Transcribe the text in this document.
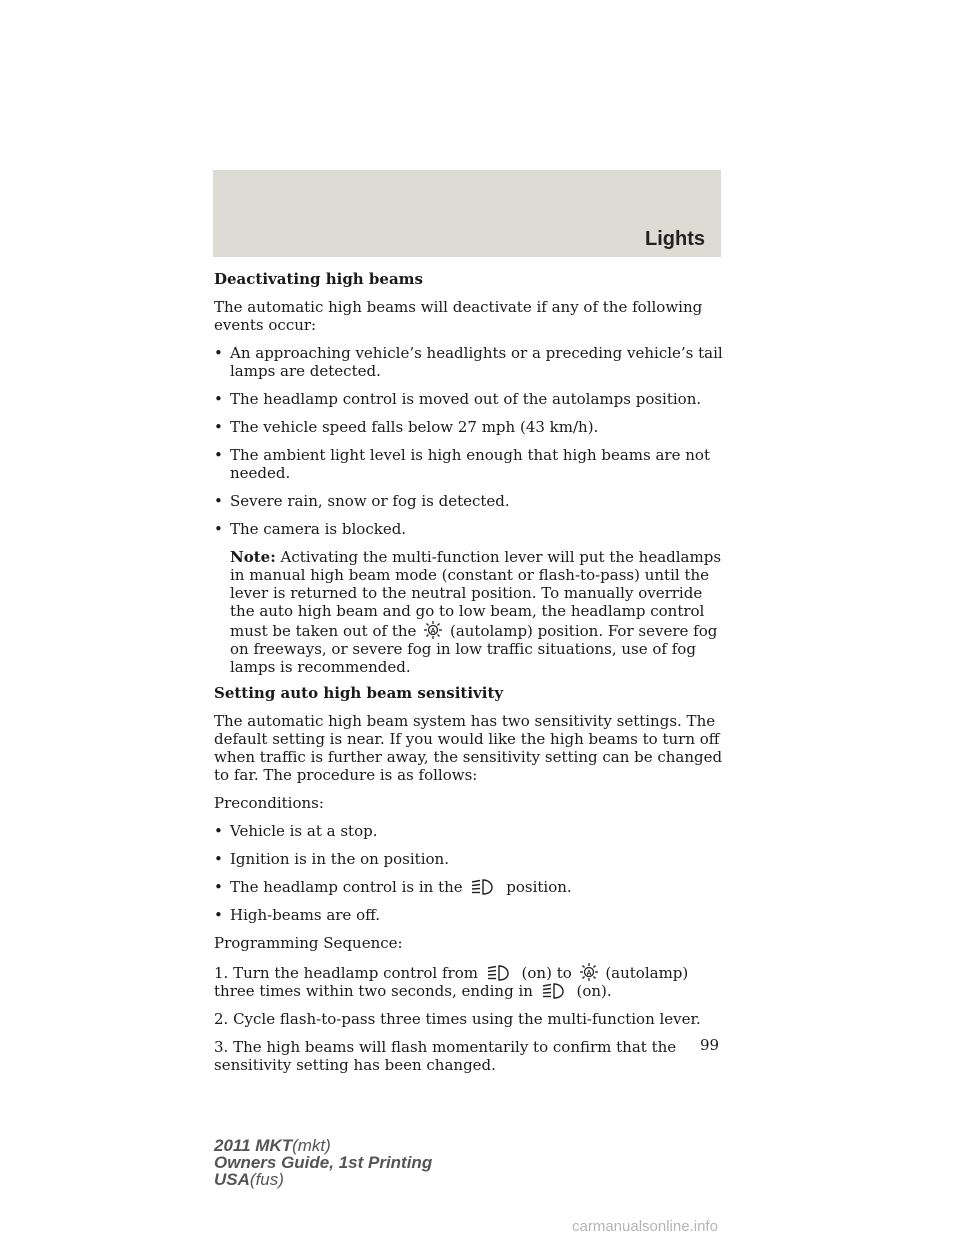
Lights
Deactivating high beams

The automatic high beams will deactivate if any of the following events occur:

• An approaching vehicle’s headlights or a preceding vehicle’s tail lamps are detected.
• The headlamp control is moved out of the autolamps position.
• The vehicle speed falls below 27 mph (43 km/h).
• The ambient light level is high enough that high beams are not needed.
• Severe rain, snow or fog is detected.
• The camera is blocked.
Note: Activating the multi-function lever will put the headlamps in manual high beam mode (constant or flash-to-pass) until the lever is returned to the neutral position. To manually override the auto high beam and go to low beam, the headlamp control must be taken out of the A (autolamp) position. For severe fog on freeways, or severe fog in low traffic situations, use of fog lamps is recommended.
Setting auto high beam sensitivity

The automatic high beam system has two sensitivity settings. The default setting is near. If you would like the high beams to turn off when traffic is further away, the sensitivity setting can be changed to far. The procedure is as follows:

Preconditions:

• Vehicle is at a stop.
• Ignition is in the on position.
• The headlamp control is in the	position.
• High-beams are off.

Programming Sequence:

1. Turn the headlamp control from	(on) to A (autolamp) three times within two seconds, ending in	(on).

2. Cycle flash-to-pass three times using the multi-function lever.

3. The high beams will flash momentarily to confirm that the sensitivity setting has been changed.

99
2011 MKT(mkt)
Owners Guide, 1st Printing
USA(fus)
carmanualsonline.info
